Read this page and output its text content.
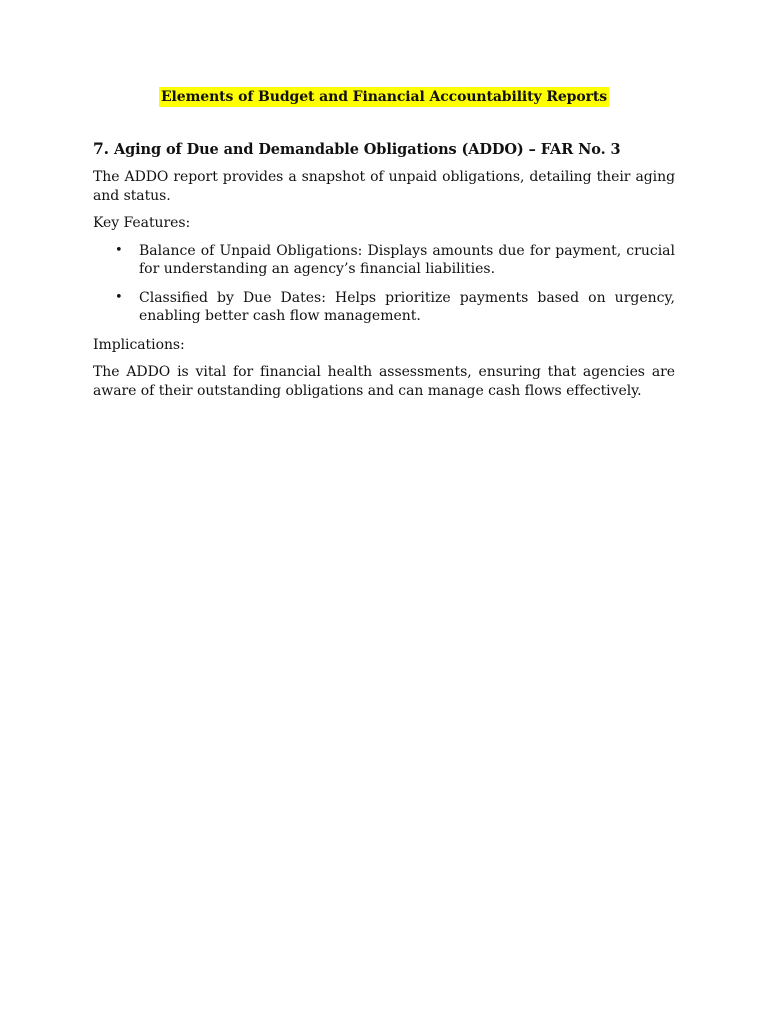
Elements of Budget and Financial Accountability Reports
7. Aging of Due and Demandable Obligations (ADDO) – FAR No. 3

The ADDO report provides a snapshot of unpaid obligations, detailing their aging and status.

Key Features:

• Balance of Unpaid Obligations: Displays amounts due for payment, crucial for understanding an agency’s financial liabilities.
• Classified by Due Dates: Helps prioritize payments based on urgency, enabling better cash flow management.

Implications:

The ADDO is vital for financial health assessments, ensuring that agencies are aware of their outstanding obligations and can manage cash flows effectively.
